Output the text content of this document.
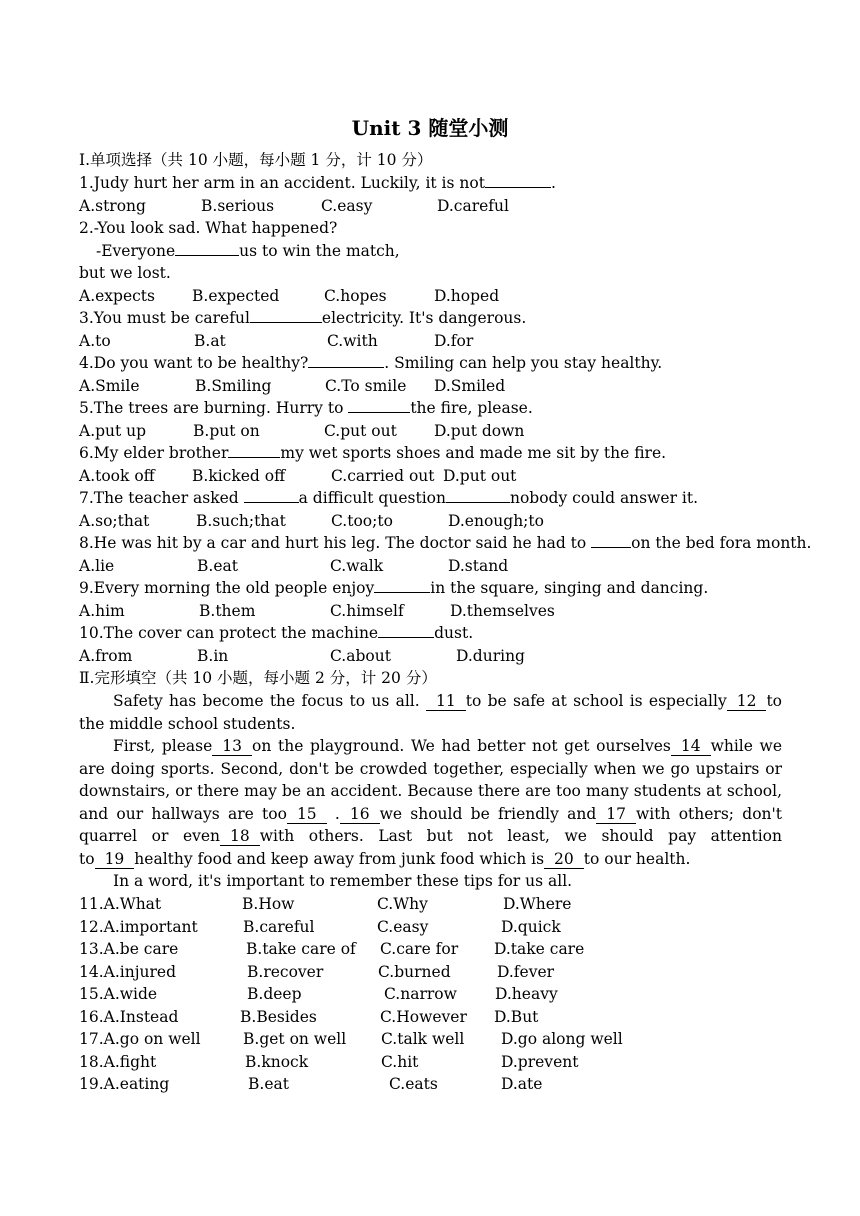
Unit 3 随堂小测
Ⅰ.单项选择（共 10 小题，每小题 1 分，计 10 分）
1.Judy hurt her arm in an accident. Luckily, it is not	.
A.strong	B.serious	C.easy	D.careful
2.-You look sad. What happened?
-Everyone	us to win the match,
but we lost.
A.expects B.expected	C.hopes	D.hoped
3.You must be careful	electricity. It's dangerous.
A.to	B.at	C.with	D.for
4.Do you want to be healthy?	. Smiling can help you stay healthy.
A.Smile	B.Smiling	C.To smile D.Smiled
5.The trees are burning. Hurry to	the fire, please.
A.put up	B.put on	C.put out D.put down
6.My elder brother	my wet sports shoes and made me sit by the fire.
A.took off B.kicked off	C.carried out D.put out
7.The teacher asked	a difficult question	nobody could answer it.
A.so;that	B.such;that	C.too;to	D.enough;to
8.He was hit by a car and hurt his leg. The doctor said he had to	on the bed fora month.
A.lie	B.eat	C.walk	D.stand
9.Every morning the old people enjoy	in the square, singing and dancing.
A.him	B.them	C.himself	D.themselves
10.The cover can protect the machine	dust.
A.from	B.in	C.about	D.during
Ⅱ.完形填空（共 10 小题，每小题 2 分，计 20 分）
Safety has become the focus to us all. 11 to be safe at school is especially 12 to the middle school students.
First, please 13 on the playground. We had better not get ourselves 14 while we are doing sports. Second, don't be crowded together, especially when we go upstairs or downstairs, or there may be an accident. Because there are too many students at school, and our hallways are too 15 . 16 we should be friendly and 17 with others; don't quarrel or even 18 with others. Last but not least, we should pay attention to 19 healthy food and keep away from junk food which is 20 to our health.
In a word, it's important to remember these tips for us all.
11.A.What	B.How	C.Why	D.Where
12.A.important	B.careful	C.easy	D.quick
13.A.be care	B.take care of C.care for D.take care
14.A.injured	B.recover	C.burned	D.fever
15.A.wide	B.deep	C.narrow D.heavy
16.A.Instead	B.Besides	C.However D.But
17.A.go on well	B.get on well C.talk well D.go along well
18.A.fight	B.knock	C.hit	D.prevent
19.A.eating	B.eat	C.eats	D.ate
